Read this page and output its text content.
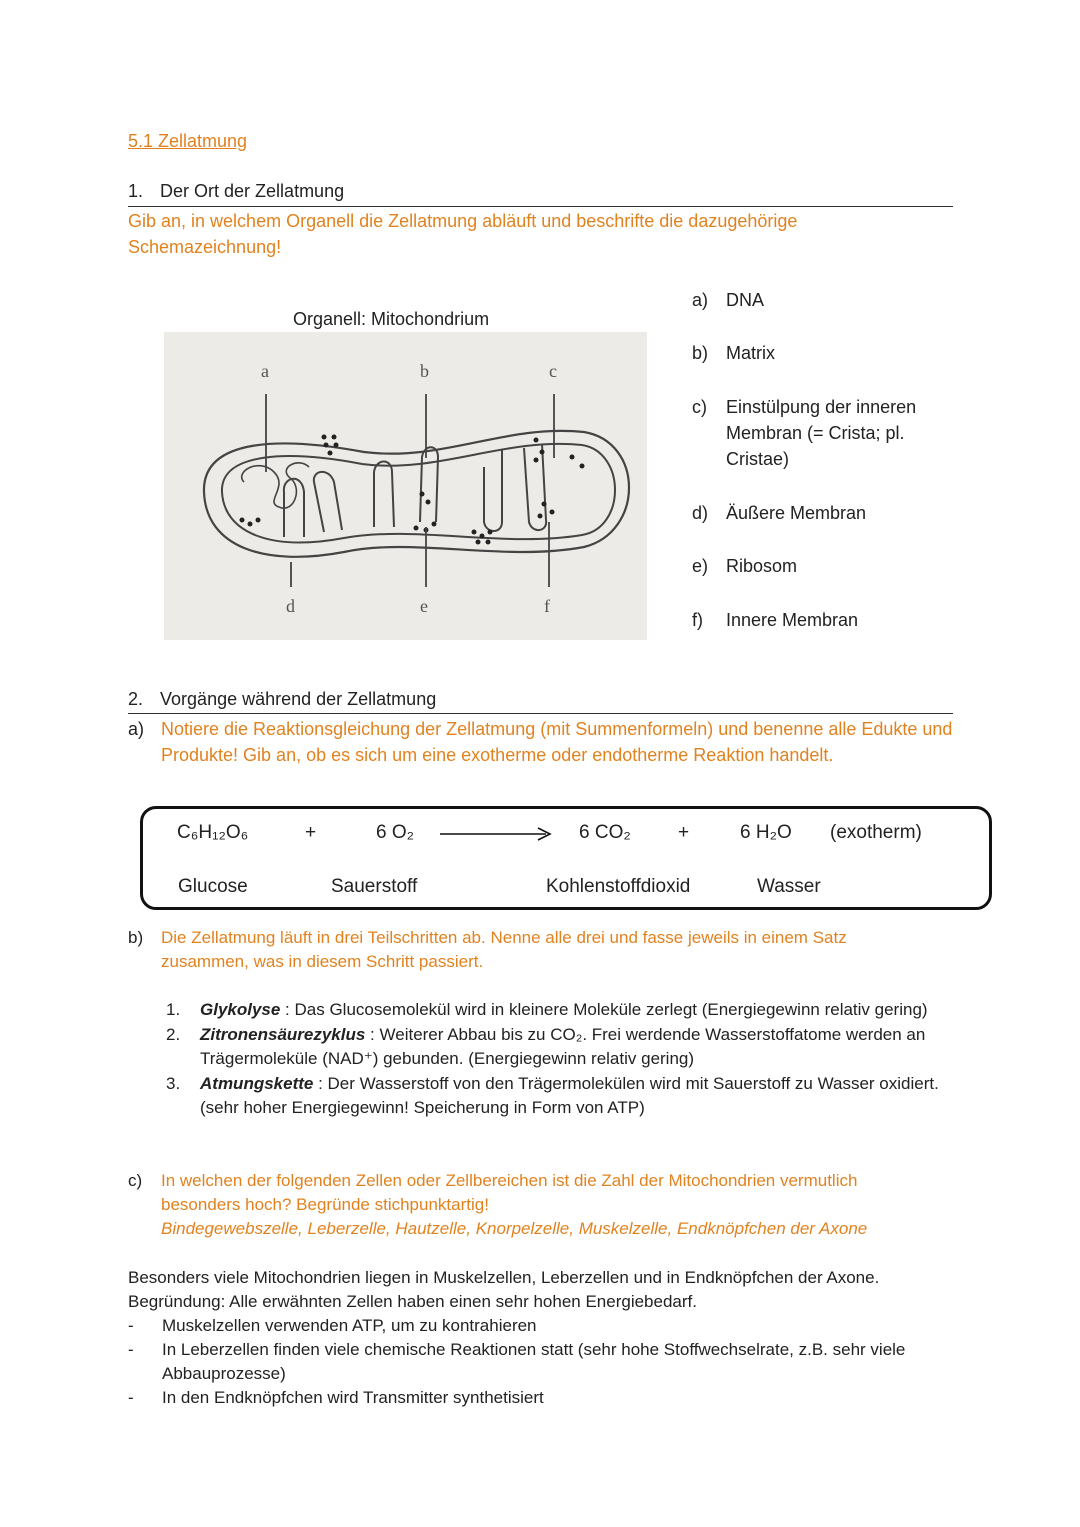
5.1 Zellatmung
1. Der Ort der Zellatmung
Gib an, in welchem Organell die Zellatmung abläuft und beschrifte die dazugehörige Schemazeichnung!
Organell: Mitochondrium
a	b	c
d	e	f
a) DNA
b) Matrix
c)	Einstülpung der inneren Membran (= Crista; pl. Cristae)
d) Äußere Membran
e) Ribosom
f) Innere Membran
2. Vorgänge während der Zellatmung
a) Notiere die Reaktionsgleichung der Zellatmung (mit Summenformeln) und benenne alle Edukte und Produkte! Gib an, ob es sich um eine exotherme oder endotherme Reaktion handelt.
C₆H₁₂O₆	+	6 O₂	6 CO₂ +	6 H₂O (exotherm)
Glucose	Sauerstoff	Kohlenstoffdioxid	Wasser
b)	Die Zellatmung läuft in drei Teilschritten ab. Nenne alle drei und fasse jeweils in einem Satz zusammen, was in diesem Schritt passiert.
1. Glykolyse : Das Glucosemolekül wird in kleinere Moleküle zerlegt (Energiegewinn relativ gering)
2. Zitronensäurezyklus : Weiterer Abbau bis zu CO₂. Frei werdende Wasserstoffatome werden an Trägermoleküle (NAD⁺) gebunden. (Energiegewinn relativ gering)
3. Atmungskette : Der Wasserstoff von den Trägermolekülen wird mit Sauerstoff zu Wasser oxidiert. (sehr hoher Energiegewinn! Speicherung in Form von ATP)
c)	In welchen der folgenden Zellen oder Zellbereichen ist die Zahl der Mitochondrien vermutlich besonders hoch? Begründe stichpunktartig!
Bindegewebszelle, Leberzelle, Hautzelle, Knorpelzelle, Muskelzelle, Endknöpfchen der Axone
Besonders viele Mitochondrien liegen in Muskelzellen, Leberzellen und in Endknöpfchen der Axone.
Begründung: Alle erwähnten Zellen haben einen sehr hohen Energiebedarf.
- Muskelzellen verwenden ATP, um zu kontrahieren
- In Leberzellen finden viele chemische Reaktionen statt (sehr hohe Stoffwechselrate, z.B. sehr viele Abbauprozesse)
- In den Endknöpfchen wird Transmitter synthetisiert
